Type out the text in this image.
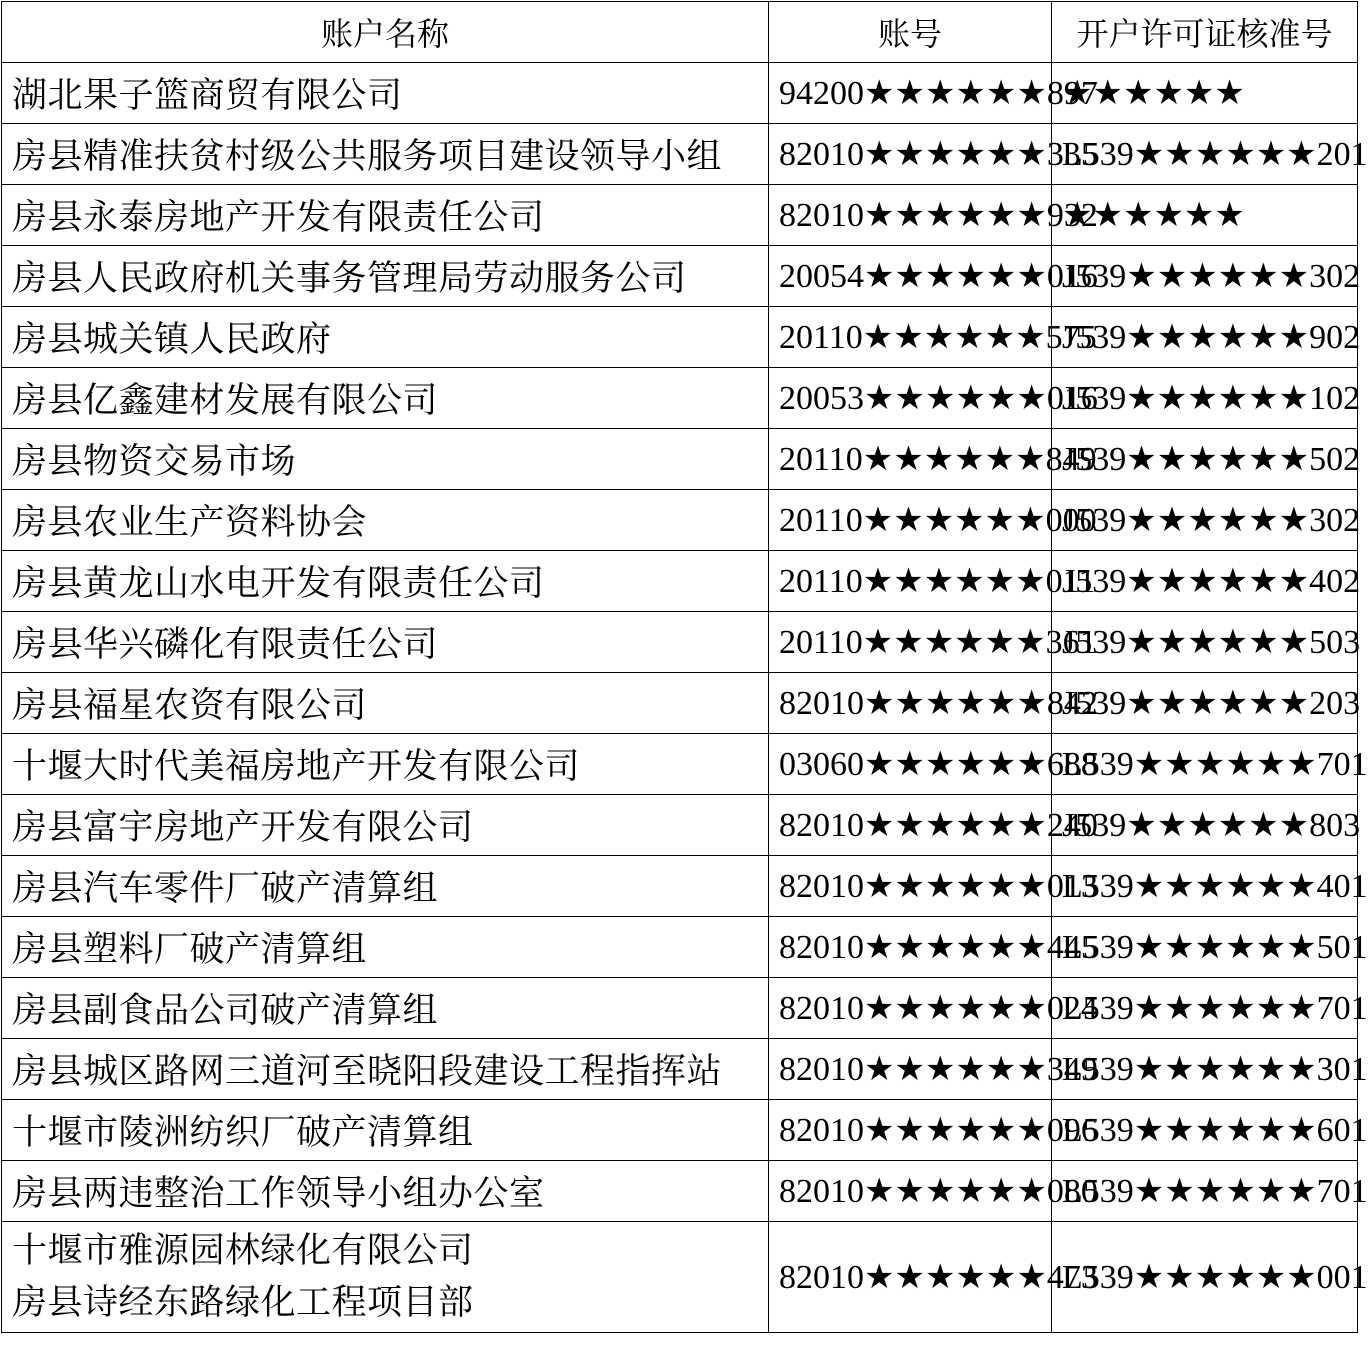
账户名称	账号	开户许可证核准号
湖北果子篮商贸有限公司	94200★★★★★★897	★★★★★★
房县精准扶贫村级公共服务项目建设领导小组	82010★★★★★★335	L539★★★★★★201
房县永泰房地产开发有限责任公司	82010★★★★★★932	★★★★★★
房县人民政府机关事务管理局劳动服务公司	20054★★★★★★016	J539★★★★★★302
房县城关镇人民政府	20110★★★★★★575	J539★★★★★★902
房县亿鑫建材发展有限公司	20053★★★★★★016	J539★★★★★★102
房县物资交易市场	20110★★★★★★849	J539★★★★★★502
房县农业生产资料协会	20110★★★★★★000	J539★★★★★★302
房县黄龙山水电开发有限责任公司	20110★★★★★★011	J539★★★★★★402
房县华兴磷化有限责任公司	20110★★★★★★361	J539★★★★★★503
房县福星农资有限公司	82010★★★★★★842	J539★★★★★★203
十堰大时代美福房地产开发有限公司	03060★★★★★★688	L539★★★★★★701
房县富宇房地产开发有限公司	82010★★★★★★240	J539★★★★★★803
房县汽车零件厂破产清算组	82010★★★★★★013	L539★★★★★★401
房县塑料厂破产清算组	82010★★★★★★445	L539★★★★★★501
房县副食品公司破产清算组	82010★★★★★★024	L539★★★★★★701
房县城区路网三道河至晓阳段建设工程指挥站	82010★★★★★★349	L539★★★★★★301
十堰市陵洲纺织厂破产清算组	82010★★★★★★096	L539★★★★★★601
房县两违整治工作领导小组办公室	82010★★★★★★080	L539★★★★★★701

十堰市雅源园林绿化有限公司
房县诗经东路绿化工程项目部	82010★★★★★★473	L539★★★★★★001
